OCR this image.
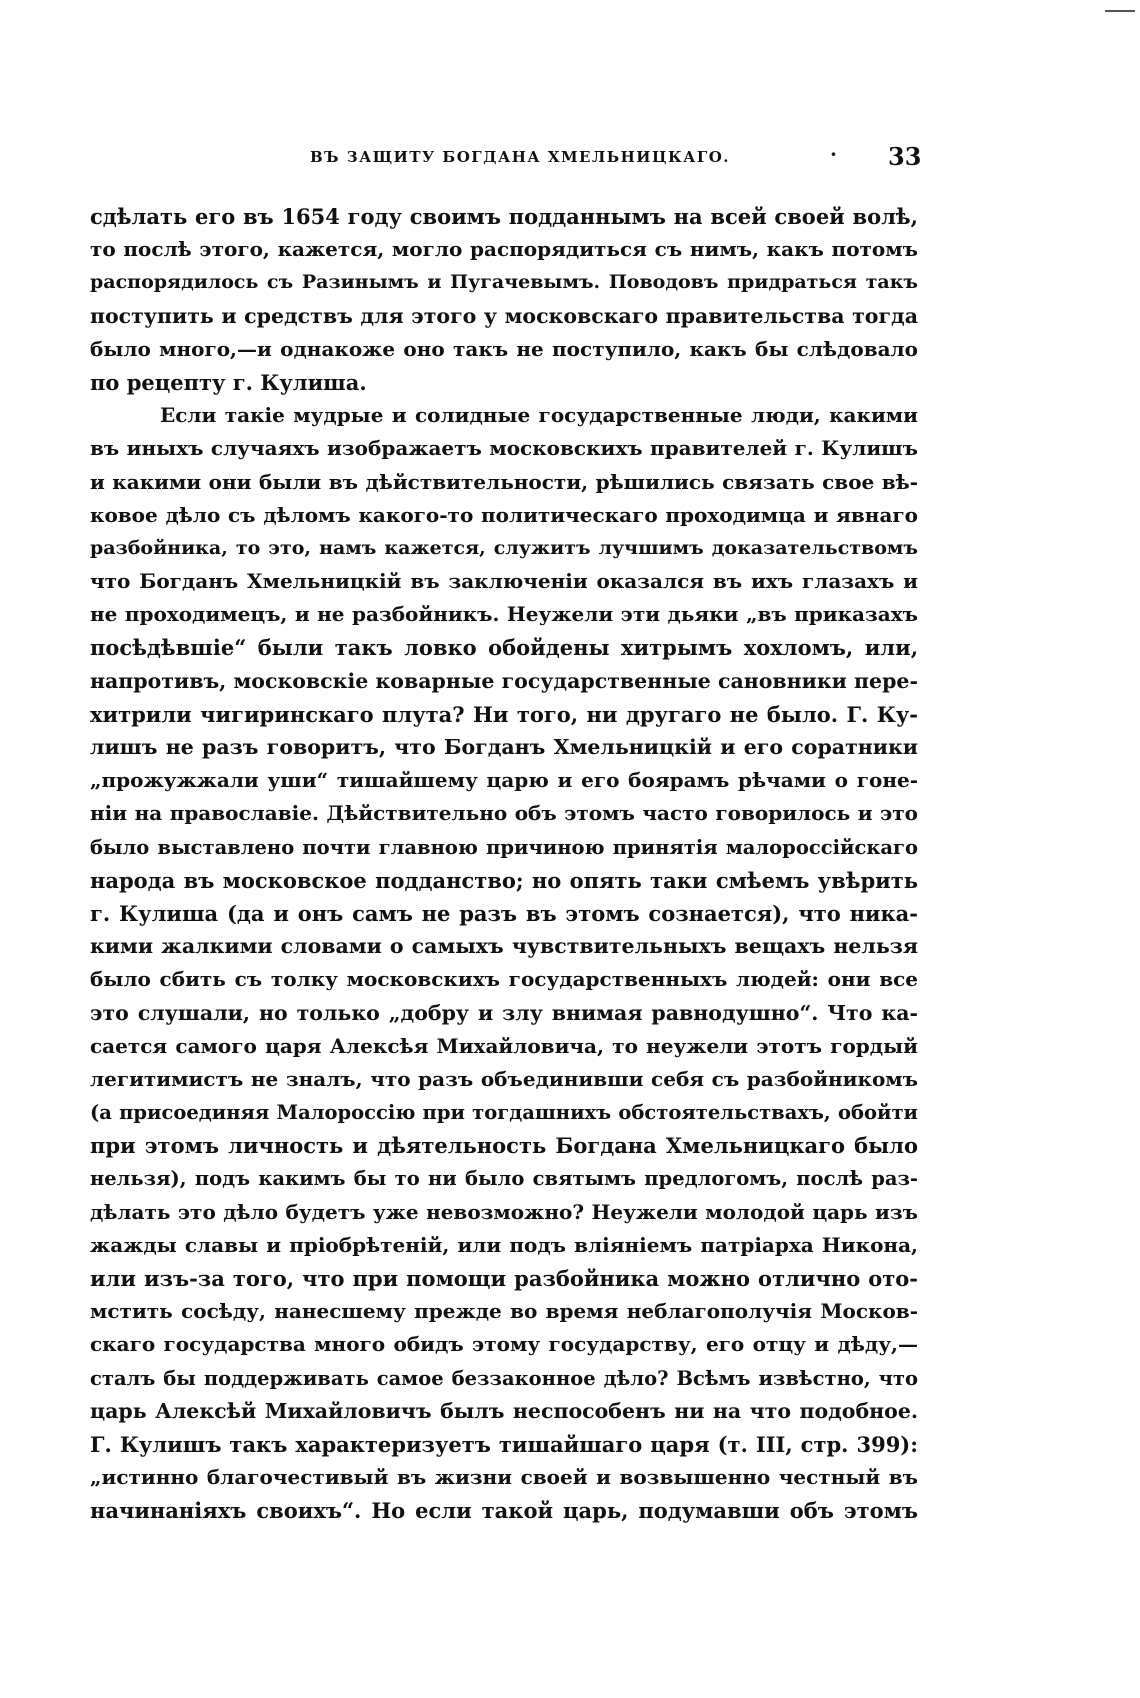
ВЪ ЗАЩИТУ БОГДАНА ХМЕЛЬНИЦКАГО.	· 33
сдѣлать его въ 1654 году своимъ подданнымъ на всей своей волѣ,
то послѣ этого, кажется, могло распорядиться съ нимъ, какъ потомъ
распорядилось съ Разинымъ и Пугачевымъ. Поводовъ придраться такъ
поступить и средствъ для этого у московскаго правительства тогда
было много,—и однакоже оно такъ не поступило, какъ бы слѣдовало
по рецепту г. Кулиша.
Если такіе мудрые и солидные государственные люди, какими
въ иныхъ случаяхъ изображаетъ московскихъ правителей г. Кулишъ
и какими они были въ дѣйствительности, рѣшились связать свое вѣ-
ковое дѣло съ дѣломъ какого-то политическаго проходимца и явнаго
разбойника, то это, намъ кажется, служитъ лучшимъ доказательствомъ
что Богданъ Хмельницкій въ заключеніи оказался въ ихъ глазахъ и
не проходимецъ, и не разбойникъ. Неужели эти дьяки „въ приказахъ
посѣдѣвшіе“ были такъ ловко обойдены хитрымъ хохломъ, или,
напротивъ, московскіе коварные государственные сановники пере-
хитрили чигиринскаго плута? Ни того, ни другаго не было. Г. Ку-
лишъ не разъ говоритъ, что Богданъ Хмельницкій и его соратники
„прожужжали уши“ тишайшему царю и его боярамъ рѣчами о гоне-
ніи на православіе. Дѣйствительно объ этомъ часто говорилось и это
было выставлено почти главною причиною принятія малороссійскаго
народа въ московское подданство; но опять таки смѣемъ увѣрить
г. Кулиша (да и онъ самъ не разъ въ этомъ сознается), что ника-
кими жалкими словами о самыхъ чувствительныхъ вещахъ нельзя
было сбить съ толку московскихъ государственныхъ людей: они все
это слушали, но только „добру и злу внимая равнодушно“. Что ка-
сается самого царя Алексѣя Михайловича, то неужели этотъ гордый
легитимистъ не зналъ, что разъ объединивши себя съ разбойникомъ
(а присоединяя Малороссію при тогдашнихъ обстоятельствахъ, обойти
при этомъ личность и дѣятельность Богдана Хмельницкаго было
нельзя), подъ какимъ бы то ни было святымъ предлогомъ, послѣ раз-
дѣлать это дѣло будетъ уже невозможно? Неужели молодой царь изъ
жажды славы и пріобрѣтеній, или подъ вліяніемъ патріарха Никона,
или изъ-за того, что при помощи разбойника можно отлично ото-
мстить сосѣду, нанесшему прежде во время неблагополучія Москов-
скаго государства много обидъ этому государству, его отцу и дѣду,—
сталъ бы поддерживать самое беззаконное дѣло? Всѣмъ извѣстно, что
царь Алексѣй Михайловичъ былъ неспособенъ ни на что подобное.
Г. Кулишъ такъ характеризуетъ тишайшаго царя (т. III, стр. 399):
„истинно благочестивый въ жизни своей и возвышенно честный въ
начинаніяхъ своихъ“. Но если такой царь, подумавши объ этомъ
